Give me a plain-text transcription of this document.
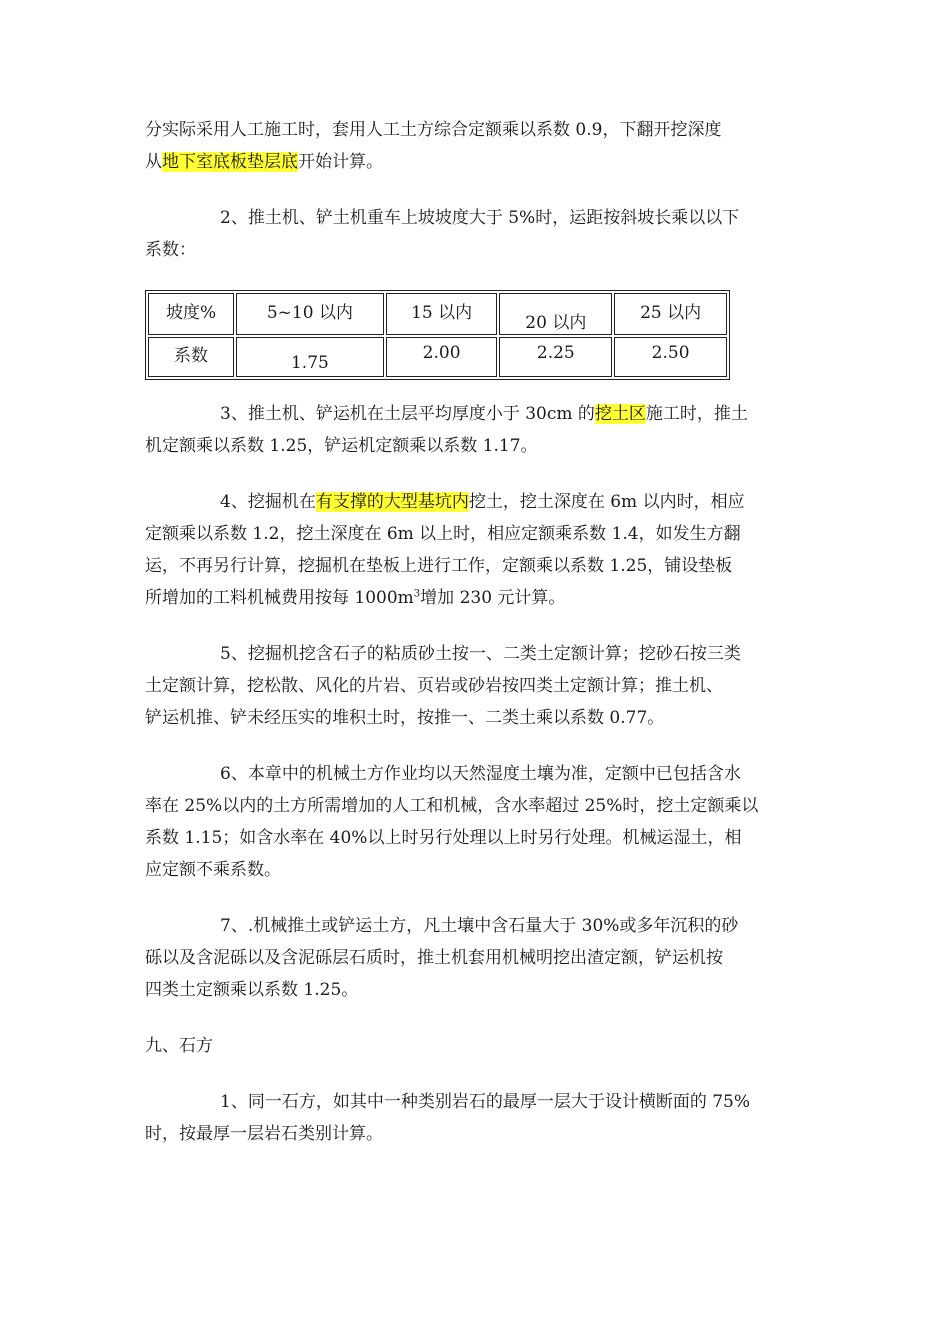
分实际采用人工施工时，套用人工土方综合定额乘以系数 0.9，下翻开挖深度
从地下室底板垫层底开始计算。
2、推土机、铲土机重车上坡坡度大于 5%时，运距按斜坡长乘以以下
系数：
坡度%	5~10 以内	15 以内	20 以内	25 以内
系数	1.75	2.00	2.25	2.50
3、推土机、铲运机在土层平均厚度小于 30cm 的挖土区施工时，推土
机定额乘以系数 1.25，铲运机定额乘以系数 1.17。
4、挖掘机在有支撑的大型基坑内挖土，挖土深度在 6m 以内时，相应
定额乘以系数 1.2，挖土深度在 6m 以上时，相应定额乘系数 1.4，如发生方翻
运，不再另行计算，挖掘机在垫板上进行工作，定额乘以系数 1.25，铺设垫板
所增加的工料机械费用按每 $1000m^3$增加 230 元计算。
5、挖掘机挖含石子的粘质砂土按一、二类土定额计算；挖砂石按三类
土定额计算，挖松散、风化的片岩、页岩或砂岩按四类土定额计算；推土机、
铲运机推、铲未经压实的堆积土时，按推一、二类土乘以系数 0.77。
6、本章中的机械土方作业均以天然湿度土壤为准，定额中已包括含水
率在 25%以内的土方所需增加的人工和机械，含水率超过 25%时，挖土定额乘以
系数 1.15；如含水率在 40%以上时另行处理以上时另行处理。机械运湿土，相
应定额不乘系数。
7、.机械推土或铲运土方，凡土壤中含石量大于 30%或多年沉积的砂
砾以及含泥砾以及含泥砾层石质时，推土机套用机械明挖出渣定额，铲运机按
四类土定额乘以系数 1.25。
九、石方
1、同一石方，如其中一种类别岩石的最厚一层大于设计横断面的 75%
时，按最厚一层岩石类别计算。
